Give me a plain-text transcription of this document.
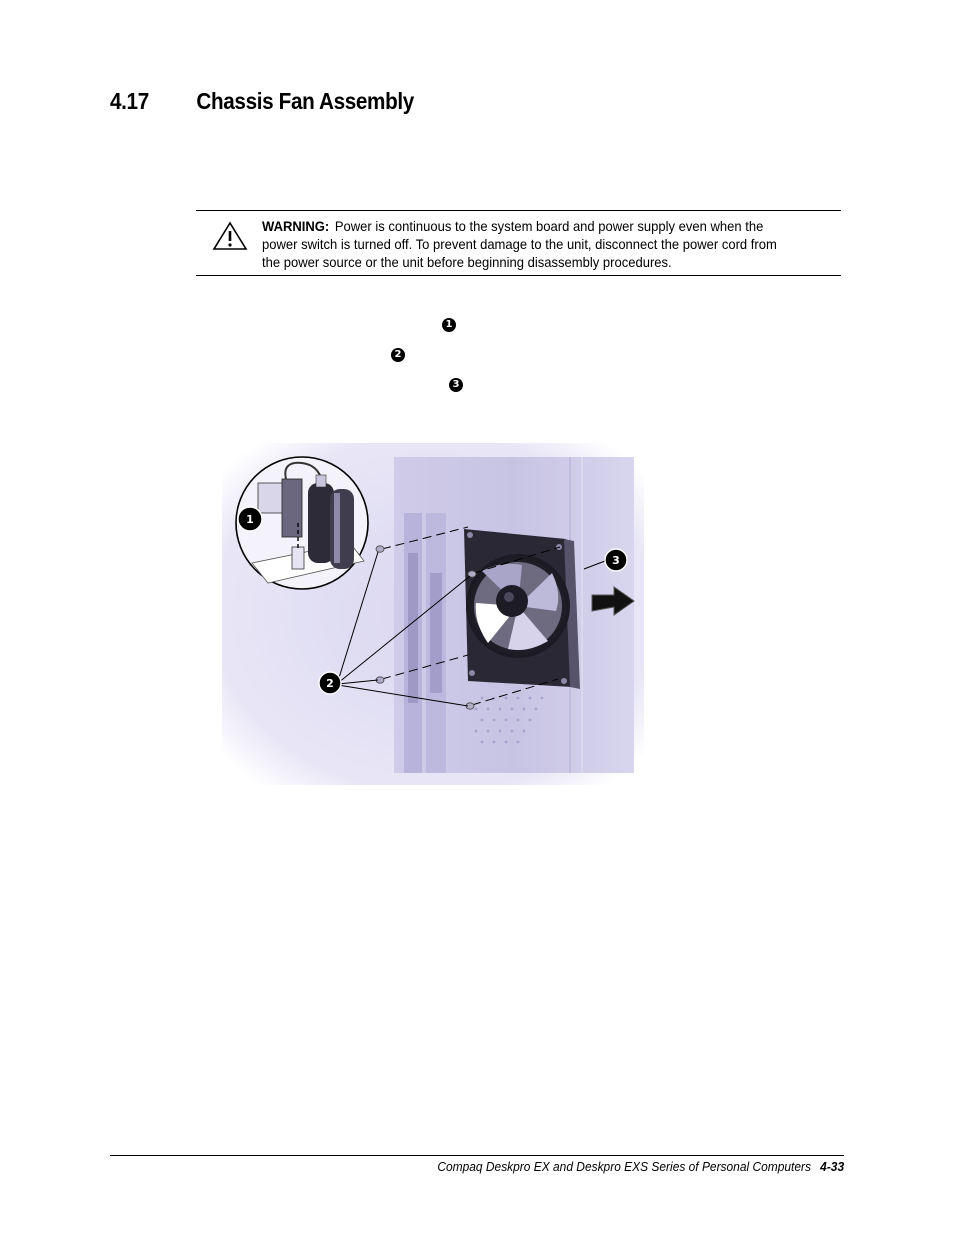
4.17 Chassis Fan Assembly
WARNING: Power is continuous to the system board and power supply even when the power switch is turned off. To prevent damage to the unit, disconnect the power cord from the power source or the unit before beginning disassembly procedures.
1
2
3
1
2
3
Compaq Deskpro EX and Deskpro EXS Series of Personal Computers 4-33
